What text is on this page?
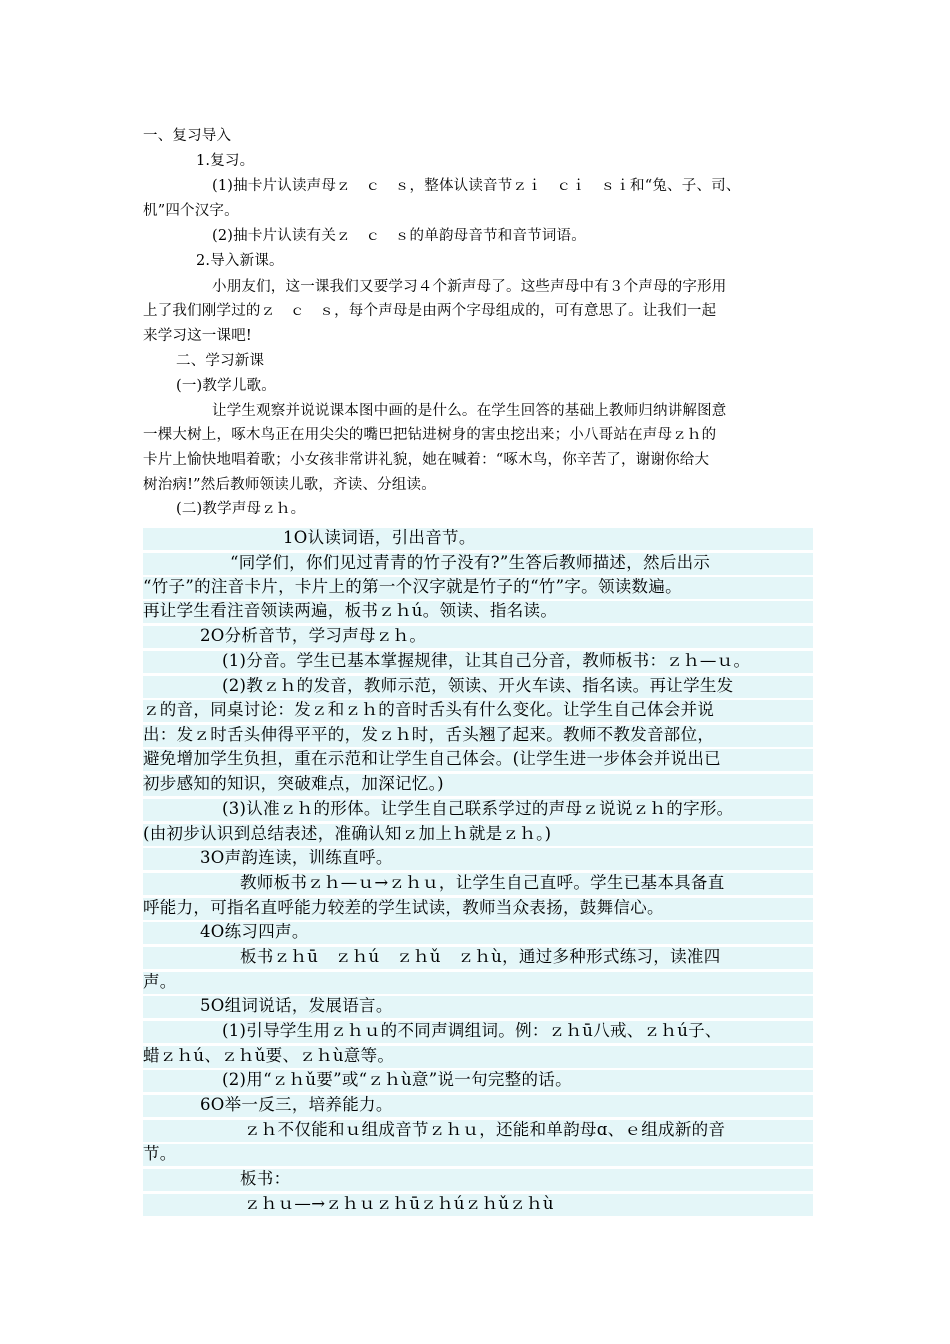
一、复习导入
1.复习。
(1)抽卡片认读声母ｚ　ｃ　ｓ，整体认读音节ｚｉ　ｃｉ　ｓｉ和“兔、子、司、
机”四个汉字。
(2)抽卡片认读有关ｚ　ｃ　ｓ的单韵母音节和音节词语。
2.导入新课。
小朋友们，这一课我们又要学习４个新声母了。这些声母中有３个声母的字形用
上了我们刚学过的ｚ　ｃ　ｓ，每个声母是由两个字母组成的，可有意思了。让我们一起
来学习这一课吧!
二、学习新课
(一)教学儿歌。
让学生观察并说说课本图中画的是什么。在学生回答的基础上教师归纳讲解图意
一棵大树上，啄木鸟正在用尖尖的嘴巴把钻进树身的害虫挖出来；小八哥站在声母ｚｈ的
卡片上愉快地唱着歌；小女孩非常讲礼貌，她在喊着：“啄木鸟，你辛苦了，谢谢你给大
树治病!”然后教师领读儿歌，齐读、分组读。
(二)教学声母ｚｈ。
1O认读词语，引出音节。
“同学们，你们见过青青的竹子没有?”生答后教师描述，然后出示
“竹子”的注音卡片，卡片上的第一个汉字就是竹子的“竹”字。领读数遍。
再让学生看注音领读两遍，板书ｚｈú。领读、指名读。
2O分析音节，学习声母ｚｈ。
(1)分音。学生已基本掌握规律，让其自己分音，教师板书：ｚｈ—ｕ。
(2)教ｚｈ的发音，教师示范，领读、开火车读、指名读。再让学生发
ｚ的音，同桌讨论：发ｚ和ｚｈ的音时舌头有什么变化。让学生自己体会并说
出：发ｚ时舌头伸得平平的，发ｚｈ时，舌头翘了起来。教师不教发音部位，
避免增加学生负担，重在示范和让学生自己体会。(让学生进一步体会并说出已
初步感知的知识，突破难点，加深记忆。)
(3)认准ｚｈ的形体。让学生自己联系学过的声母ｚ说说ｚｈ的字形。
(由初步认识到总结表述，准确认知ｚ加上ｈ就是ｚｈ。)
3O声韵连读，训练直呼。
教师板书ｚｈ—ｕ→ｚｈｕ，让学生自己直呼。学生已基本具备直
呼能力，可指名直呼能力较差的学生试读，教师当众表扬，鼓舞信心。
4O练习四声。
板书ｚｈū　ｚｈú　ｚｈǔ　ｚｈù，通过多种形式练习，读准四
声。
5O组词说话，发展语言。
(1)引导学生用ｚｈｕ的不同声调组词。例：ｚｈū八戒、ｚｈú子、
蜡ｚｈú、ｚｈǔ要、ｚｈù意等。
(2)用“ｚｈǔ要”或“ｚｈù意”说一句完整的话。
6O举一反三，培养能力。
ｚｈ不仅能和ｕ组成音节ｚｈｕ，还能和单韵母ɑ、ｅ组成新的音
节。
板书：
ｚｈｕ—→ｚｈｕｚｈūｚｈúｚｈǔｚｈù
